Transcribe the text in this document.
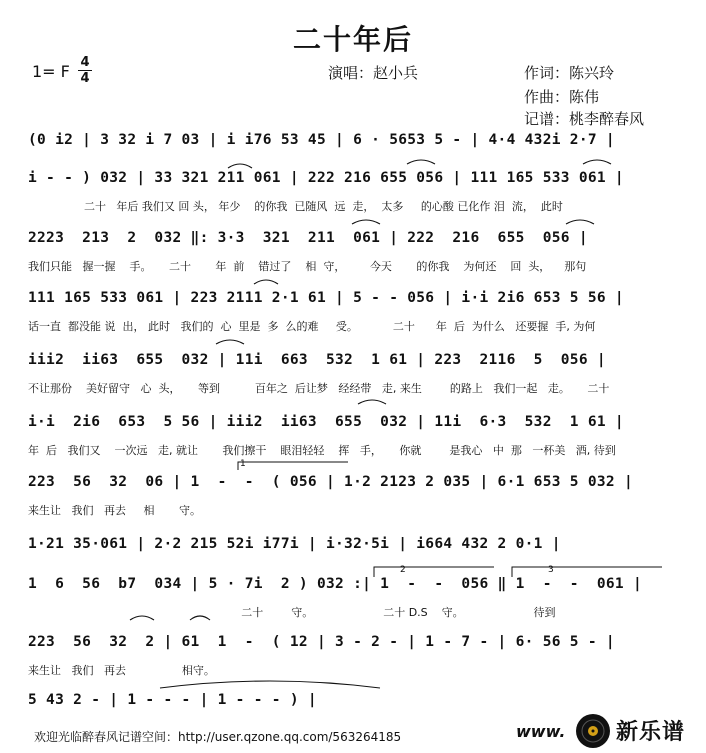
二十年后
1= F 4
4	演唱：赵小兵	作词：陈兴玲
作曲：陈伟
记谱：桃李醉春风
1
2	3
(0 i2 | 3 32 i 7 03 | i i76 53 45 | 6 · 5653 5 - | 4·4 432i 2·7 |
i - - ) 032 | 33 321 211 061 | 222 216 655 056 | 111 165 533 061 |
二十   年后 我们又 回 头， 年少    的你我  已随风  远  走，  太多     的心酸 已化作 泪  流，  此时
2223  213  2  032 ‖: 3·3  321  211  061 | 222  216  655  056 |
我们只能   握一握    手。     二十       年  前    错过了    相  守，       今天       的你我    为何还    回  头，    那句
111 165 533 061 | 223 2111 2·1 61 | 5 - - 056 | i·i 2i6 653 5 56 |
话一直  都没能 说  出， 此时   我们的  心  里是  多  么的难     受。          二十      年  后  为什么   还要握  手, 为何
iii2  ii63  655  032 | 11i  663  532  1 61 | 223  2116  5  056 |
不让那份    美好留守   心  头，     等到          百年之  后让梦   经经带   走, 来生        的路上   我们一起   走。     二十
i·i  2i6  653  5 56 | iii2  ii63  655  032 | 11i  6·3  532  1 61 |
年  后   我们又    一次远   走, 就让       我们擦干    眼泪轻轻    挥   手，     你就        是我心   中  那   一杯美   酒, 待到
223  56  32  06 | 1  -  -  ( 056 | 1·2 2123 2 035 | 6·1 653 5 032 |
来生让   我们   再去     相       守。
1·21 35·061 | 2·2 215 52i i77i | i·32·5i | i664 432 2 0·1 |
1  6  56  b7  034 | 5 · 7i  2 ) 032 :| 1  -  -  056 ‖ 1  -  -  061 |
二十        守。                    二十 D.S    守。                    待到
223  56  32  2 | 61  1  -  ( 12 | 3 - 2 - | 1 - 7 - | 6· 56 5 - |
来生让   我们   再去                相守。
5 43 2 - | 1 - - - | 1 - - - ) |
欢迎光临醉春风记谱空间：http://user.qzone.qq.com/563264185	www. 新乐谱
